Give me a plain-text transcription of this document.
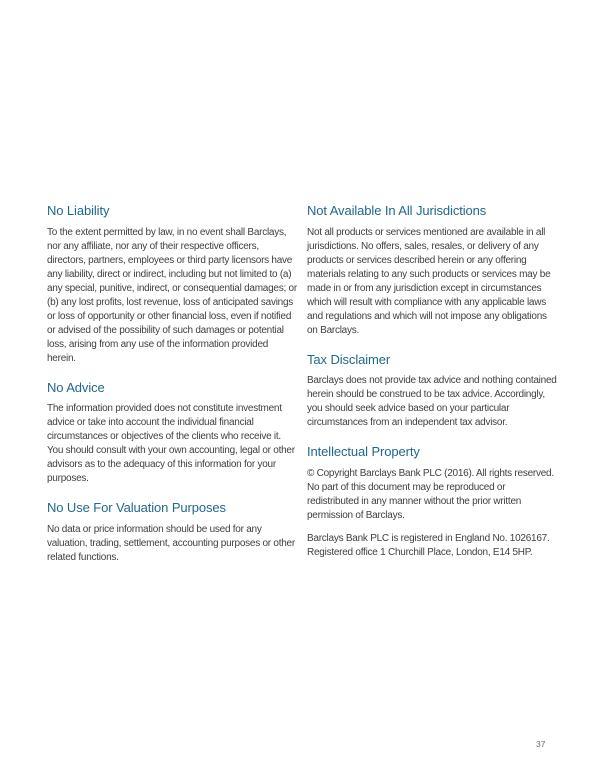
No Liability

To the extent permitted by law, in no event shall Barclays, nor any affiliate, nor any of their respective officers, directors, partners, employees or third party licensors have any liability, direct or indirect, including but not limited to (a) any special, punitive, indirect, or consequential damages; or (b) any lost profits, lost revenue, loss of anticipated savings or loss of opportunity or other financial loss, even if notified or advised of the possibility of such damages or potential loss, arising from any use of the information provided herein.

No Advice

The information provided does not constitute investment advice or take into account the individual financial circumstances or objectives of the clients who receive it. You should consult with your own accounting, legal or other advisors as to the adequacy of this information for your purposes.

No Use For Valuation Purposes

No data or price information should be used for any valuation, trading, settlement, accounting purposes or other related functions.

Not Available In All Jurisdictions

Not all products or services mentioned are available in all jurisdictions. No offers, sales, resales, or delivery of any products or services described herein or any offering materials relating to any such products or services may be made in or from any jurisdiction except in circumstances which will result with compliance with any applicable laws and regulations and which will not impose any obligations on Barclays.

Tax Disclaimer

Barclays does not provide tax advice and nothing contained herein should be construed to be tax advice. Accordingly, you should seek advice based on your particular circumstances from an independent tax advisor.

Intellectual Property

© Copyright Barclays Bank PLC (2016). All rights reserved. No part of this document may be reproduced or redistributed in any manner without the prior written permission of Barclays.

Barclays Bank PLC is registered in England No. 1026167. Registered office 1 Churchill Place, London, E14 5HP.

37
